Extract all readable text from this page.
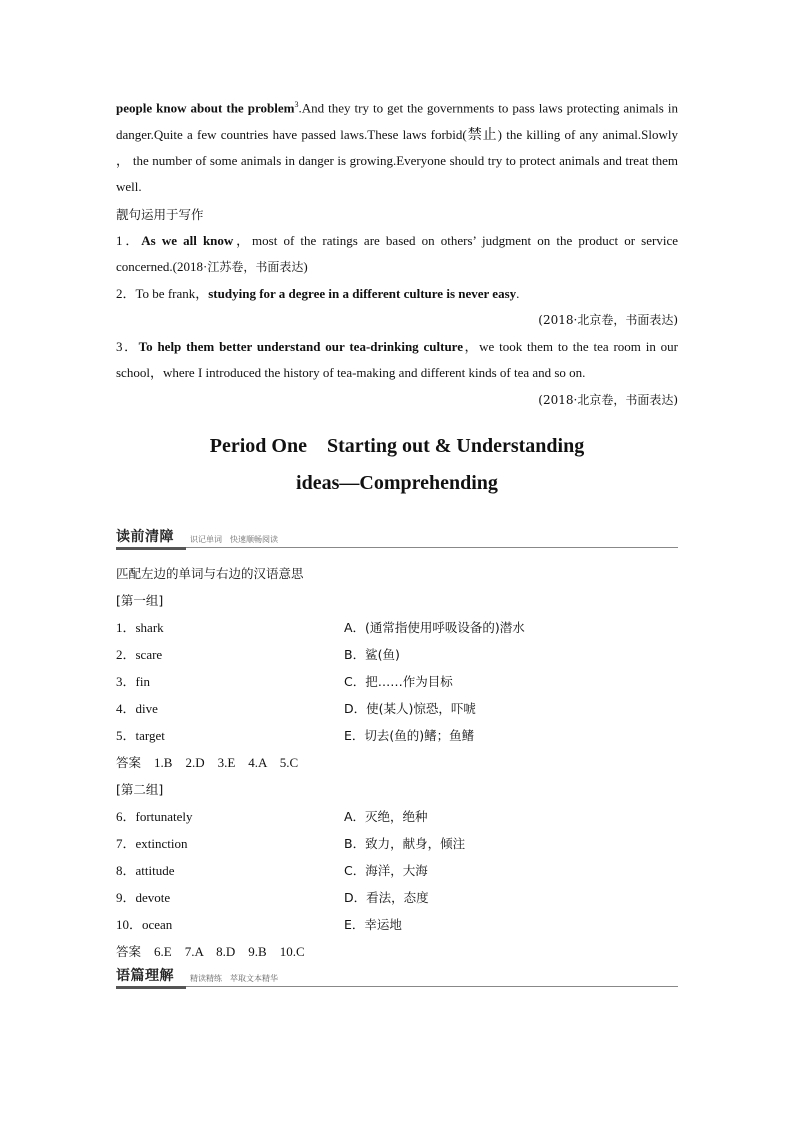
people know about the problem$^3$.And they try to get the governments to pass laws protecting animals in danger.Quite a few countries have passed laws.These laws forbid(禁止) the killing of any animal.Slowly ， the number of some animals in danger is growing.Everyone should try to protect animals and treat them well.

靓句运用于写作

1．As we all know，most of the ratings are based on others’ judgment on the product or service concerned.(2018·江苏卷，书面表达)

2．To be frank，studying for a degree in a different culture is never easy.

(2018·北京卷，书面表达)

3．To help them better understand our tea-drinking culture，we took them to the tea room in our school，where I introduced the history of tea-making and different kinds of tea and so on.

(2018·北京卷，书面表达)

Period One　Starting out & Understanding
ideas—Comprehending
读前清障 识记单词　快速顺畅阅读

匹配左边的单词与右边的汉语意思

[第一组]

1．shark	A．(通常指使用呼吸设备的)潜水
2．scare	B．鲨(鱼)
3．fin	C．把……作为目标
4．dive	D．使(某人)惊恐，吓唬
5．target	E．切去(鱼的)鳍；鱼鳍

答案　 1.B　2.D　3.E　4.A　5.C

[第二组]

6．fortunately	A．灭绝，绝种
7．extinction	B．致力，献身，倾注
8．attitude	C．海洋，大海
9．devote	D．看法，态度
10．ocean	E．幸运地

答案　 6.E　7.A　8.D　9.B　10.C

语篇理解 精读精练　萃取文本精华
